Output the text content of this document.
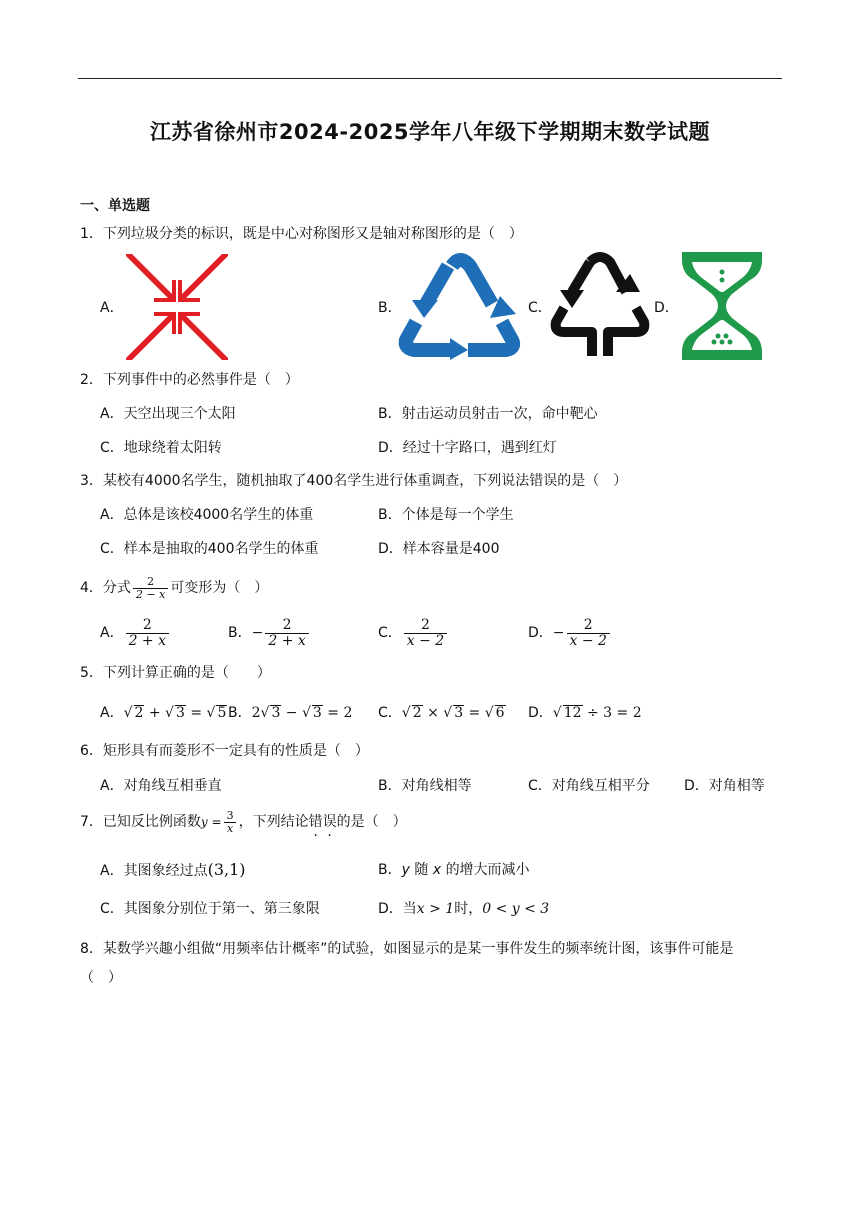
江苏省徐州市2024-2025学年八年级下学期期末数学试题
一、单选题
1．下列垃圾分类的标识，既是中心对称图形又是轴对称图形的是（　）
A．	B．	C．	D．
2．下列事件中的必然事件是（　）
A．天空出现三个太阳	B．射击运动员射击一次，命中靶心
C．地球绕着太阳转	D．经过十字路口，遇到红灯
3．某校有4000名学生，随机抽取了400名学生进行体重调查，下列说法错误的是（　）
A．总体是该校4000名学生的体重	B．个体是每一个学生
C．样本是抽取的400名学生的体重	D．样本容量是400
4．分式 $\frac{2}{2 - x}$ 可变形为（　）
A． $\frac{2}{2 + x}$	B．− $\frac{2}{2 + x}$	C． $\frac{2}{x - 2}$	D．− $\frac{2}{x - 2}$
5．下列计算正确的是（　　）
A．√ 2 + √ 3 = √ 5 B．2√ 3 − √ 3 = 2 C．√ 2 × √ 3 = √ 6 D．√ 12 ÷ 3 = 2
6．矩形具有而菱形不一定具有的性质是（　）
A．对角线互相垂直	B．对角线相等	C．对角线互相平分 D．对角相等
7．已知反比例函数$y = \frac{3}{x}$ ，下列结论错误的是（　）
A．其图象经过点(3,1)	B．y 随 x 的增大而减小
C．其图象分别位于第一、第三象限	D．当x > 1时，0 < y < 3
8．某数学兴趣小组做“用频率估计概率”的试验，如图显示的是某一事件发生的频率统计图，该事件可能是
（　）
